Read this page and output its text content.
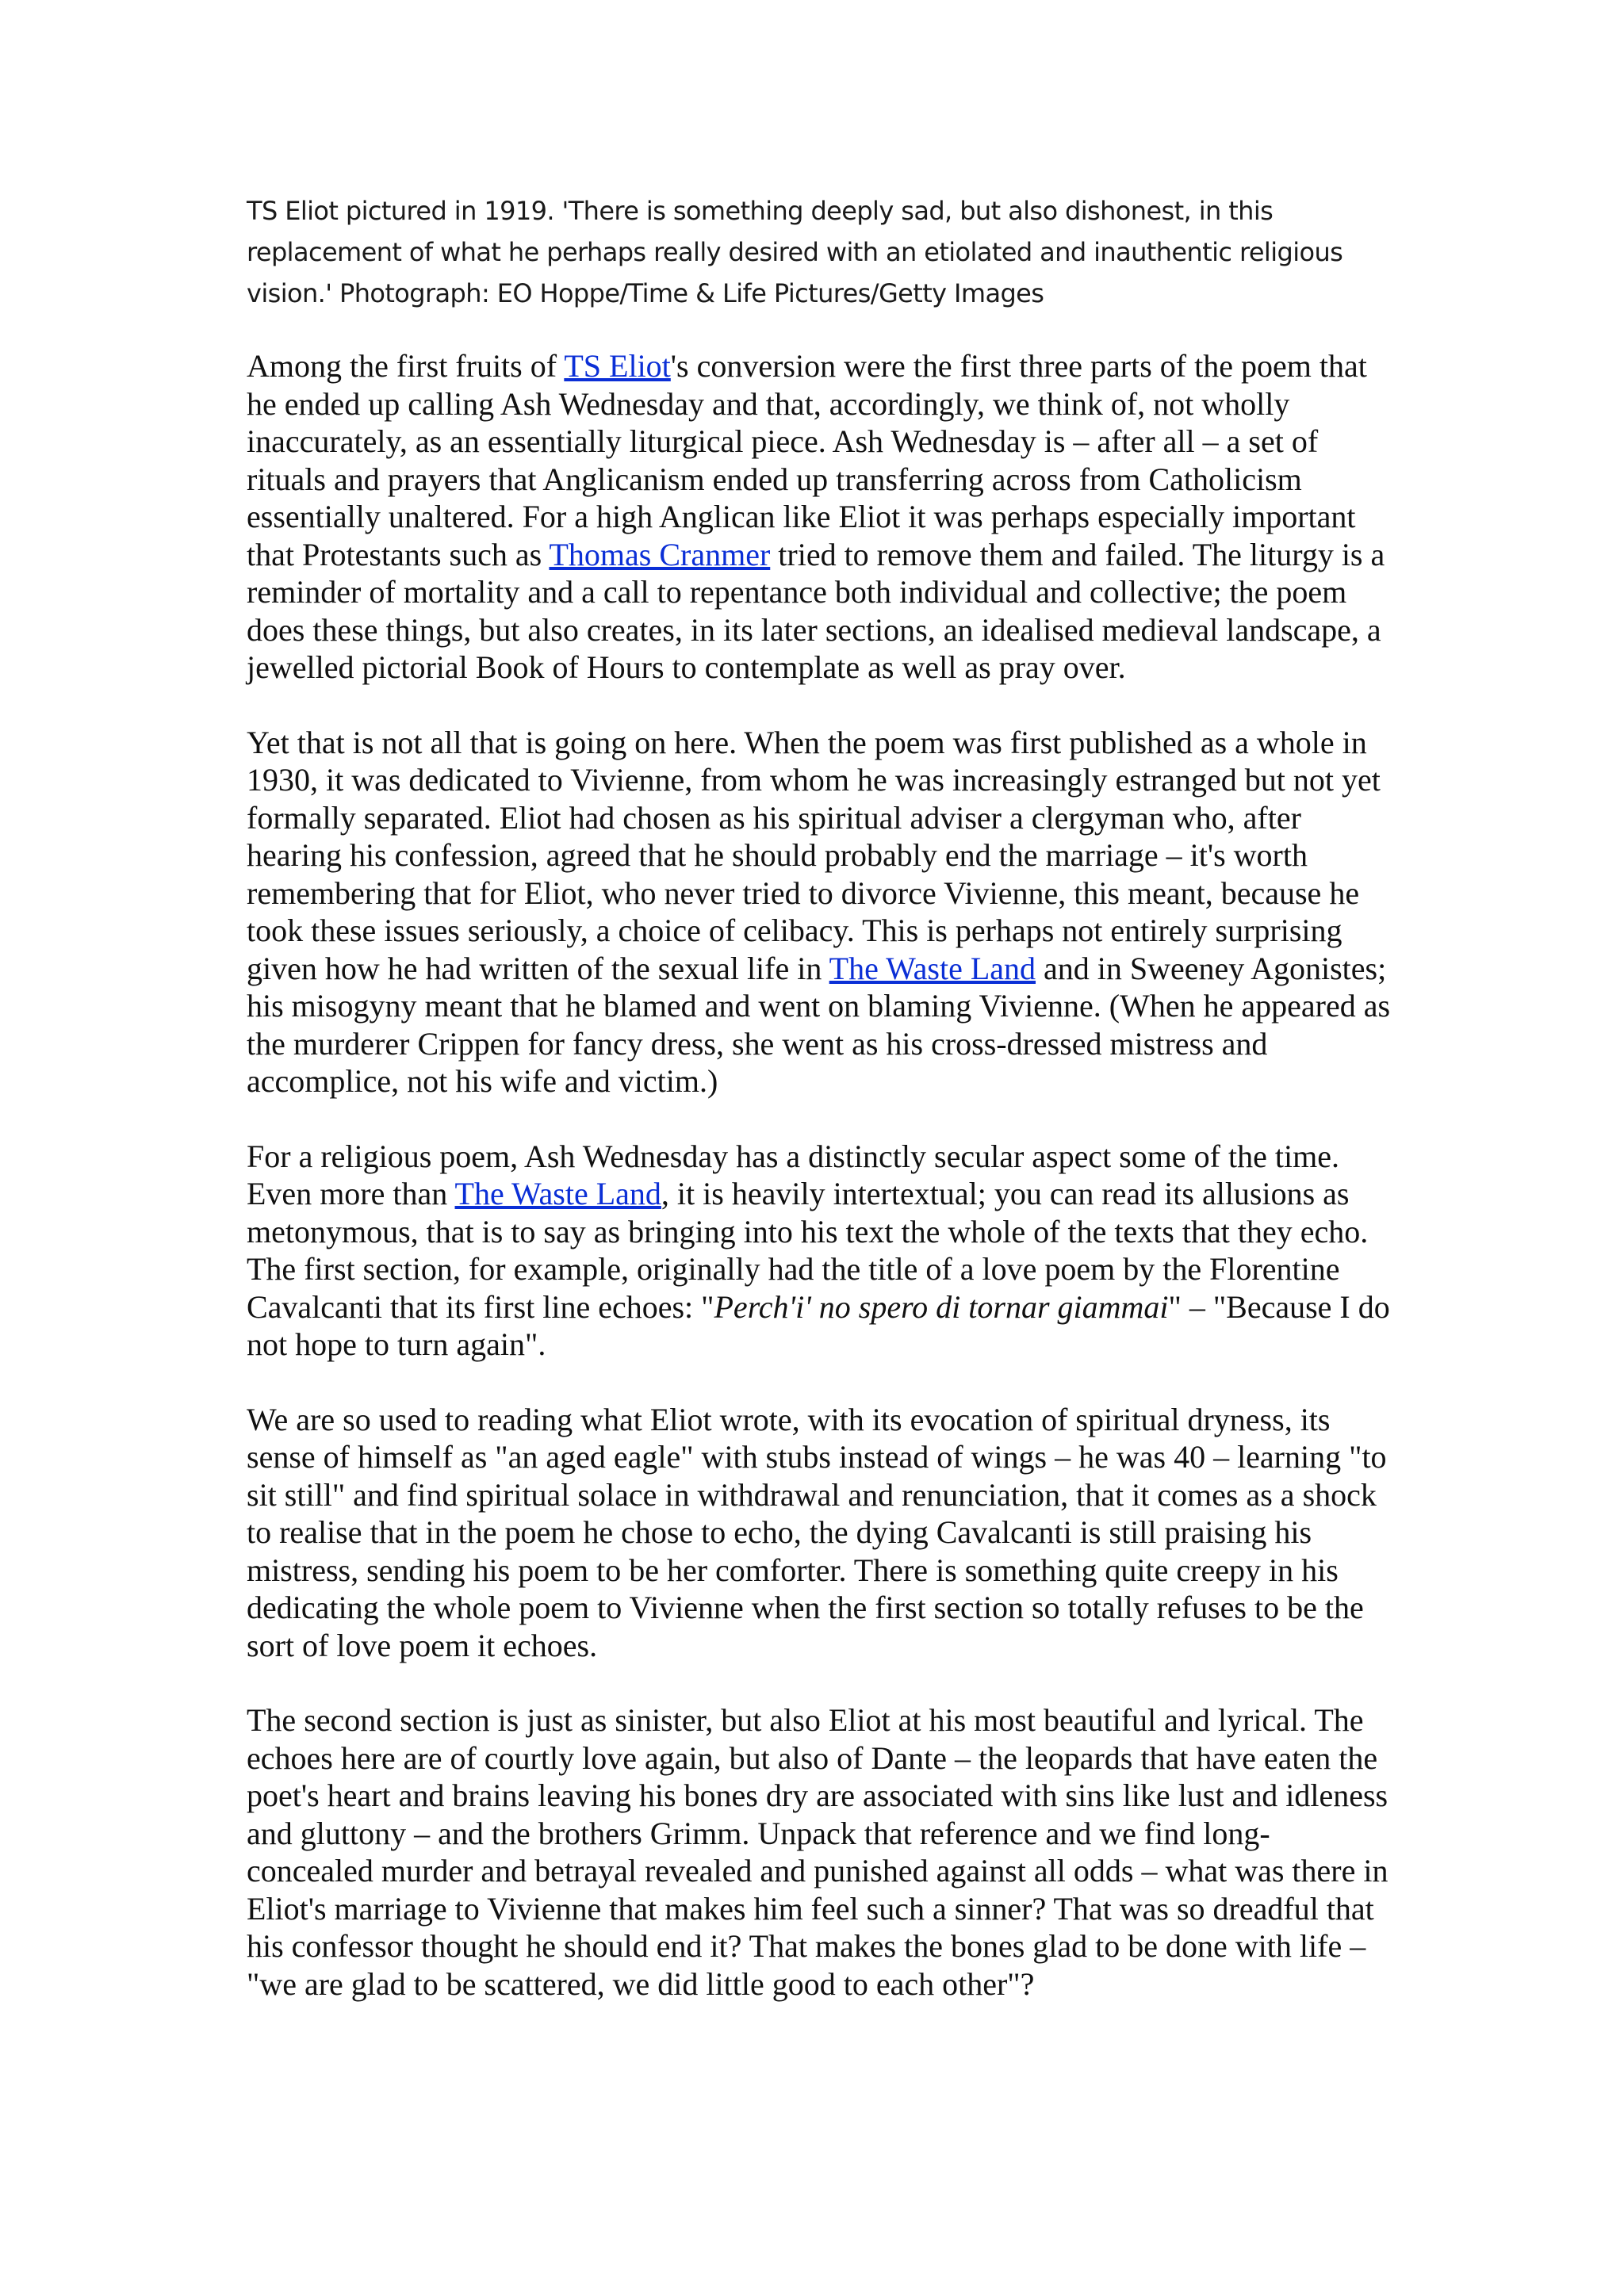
TS Eliot pictured in 1919. 'There is something deeply sad, but also dishonest, in this replacement of what he perhaps really desired with an etiolated and inauthentic religious vision.' Photograph: EO Hoppe/Time & Life Pictures/Getty Images

Among the first fruits of TS Eliot's conversion were the first three parts of the poem that he ended up calling Ash Wednesday and that, accordingly, we think of, not wholly inaccurately, as an essentially liturgical piece. Ash Wednesday is – after all – a set of rituals and prayers that Anglicanism ended up transferring across from Catholicism essentially unaltered. For a high Anglican like Eliot it was perhaps especially important that Protestants such as Thomas Cranmer tried to remove them and failed. The liturgy is a reminder of mortality and a call to repentance both individual and collective; the poem does these things, but also creates, in its later sections, an idealised medieval landscape, a jewelled pictorial Book of Hours to contemplate as well as pray over.

Yet that is not all that is going on here. When the poem was first published as a whole in 1930, it was dedicated to Vivienne, from whom he was increasingly estranged but not yet formally separated. Eliot had chosen as his spiritual adviser a clergyman who, after hearing his confession, agreed that he should probably end the marriage – it's worth remembering that for Eliot, who never tried to divorce Vivienne, this meant, because he took these issues seriously, a choice of celibacy. This is perhaps not entirely surprising given how he had written of the sexual life in The Waste Land and in Sweeney Agonistes; his misogyny meant that he blamed and went on blaming Vivienne. (When he appeared as the murderer Crippen for fancy dress, she went as his cross-dressed mistress and accomplice, not his wife and victim.)

For a religious poem, Ash Wednesday has a distinctly secular aspect some of the time. Even more than The Waste Land, it is heavily intertextual; you can read its allusions as metonymous, that is to say as bringing into his text the whole of the texts that they echo. The first section, for example, originally had the title of a love poem by the Florentine Cavalcanti that its first line echoes: "Perch'i' no spero di tornar giammai" – "Because I do not hope to turn again".

We are so used to reading what Eliot wrote, with its evocation of spiritual dryness, its sense of himself as "an aged eagle" with stubs instead of wings – he was 40 – learning "to sit still" and find spiritual solace in withdrawal and renunciation, that it comes as a shock to realise that in the poem he chose to echo, the dying Cavalcanti is still praising his mistress, sending his poem to be her comforter. There is something quite creepy in his dedicating the whole poem to Vivienne when the first section so totally refuses to be the sort of love poem it echoes.

The second section is just as sinister, but also Eliot at his most beautiful and lyrical. The echoes here are of courtly love again, but also of Dante – the leopards that have eaten the poet's heart and brains leaving his bones dry are associated with sins like lust and idleness and gluttony – and the brothers Grimm. Unpack that reference and we find long-concealed murder and betrayal revealed and punished against all odds – what was there in Eliot's marriage to Vivienne that makes him feel such a sinner? That was so dreadful that his confessor thought he should end it? That makes the bones glad to be done with life – "we are glad to be scattered, we did little good to each other"?
